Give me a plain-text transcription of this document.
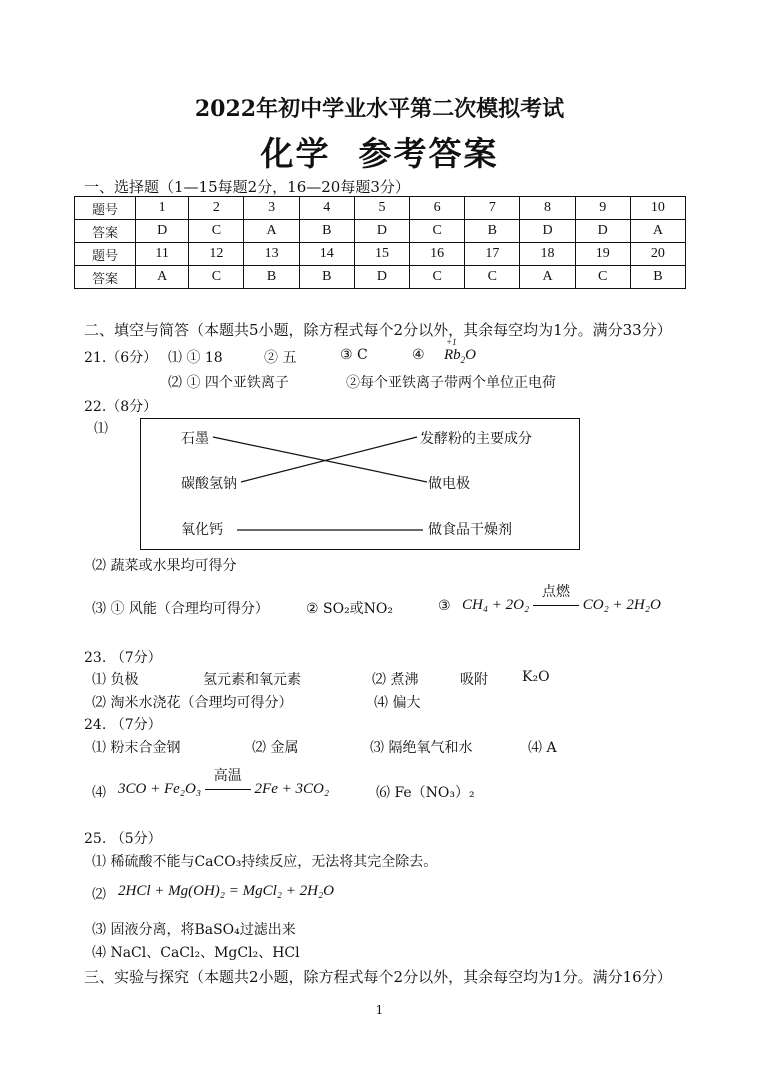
2022年初中学业水平第二次模拟考试
化学 参考答案
一、选择题（1—15每题2分，16—20每题3分）
题号	1	2	3	4	5	6	7	8	9	10
答案	D	C	A	B	D	C	B	D	D	A
题号	11	12	13	14	15	16	17	18	19	20
答案	A	C	B	B	D	C	C	A	C	B
二、填空与简答（本题共5小题，除方程式每个2分以外，其余每空均为1分。满分33分）
21.（6分） ⑴ ① 18	② 五	③ C	④
+1
$Rb_2O$
⑵ ① 四个亚铁离子	②每个亚铁离子带两个单位正电荷
22.（8分）
⑴
石墨
碳酸氢钠
氧化钙
发酵粉的主要成分
做电极
做食品干燥剂
⑵ 蔬菜或水果均可得分
⑶ ① 风能（合理均可得分）	② SO₂或NO₂	③ CH₄ + 2O₂
点燃
CO₂ + 2H₂O
23. （7分）
⑴ 负极	氢元素和氧元素	⑵ 煮沸	吸附 K₂O
⑵ 淘米水浇花（合理均可得分）	⑷ 偏大
24. （7分）
⑴ 粉末合金钢	⑵ 金属	⑶ 隔绝氧气和水	⑷ A
⑷ 3CO + Fe₂O₃
高温
2Fe + 3CO₂	⑹ Fe（NO₃）₂
25. （5分）
⑴ 稀硫酸不能与CaCO₃持续反应，无法将其完全除去。
⑵ 2HCl + Mg(OH)₂ = MgCl₂ + 2H₂O
⑶ 固液分离，将BaSO₄过滤出来
⑷ NaCl、CaCl₂、MgCl₂、HCl
三、实验与探究（本题共2小题，除方程式每个2分以外，其余每空均为1分。满分16分）
1
